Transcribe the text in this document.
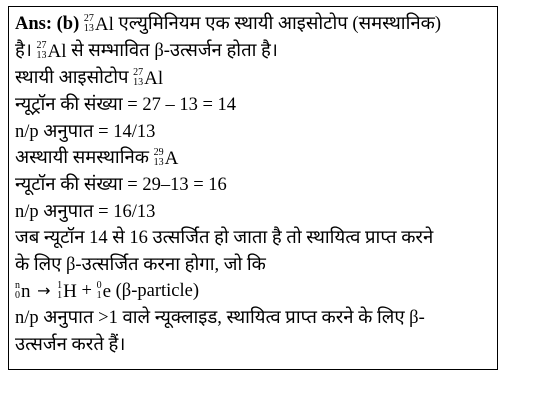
Ans: (b) 27
13 Al एल्युमिनियम एक स्थायी आइसोटोप (समस्थानिक)
है। 27
13 Al से सम्भावित β-उत्सर्जन होता है।
स्थायी आइसोटोप 27
13 Al
न्यूट्रॉन की संख्या = 27 – 13 = 14
n/p अनुपात = 14/13
अस्थायी समस्थानिक 29
13 A
न्यूटॉन की संख्या = 29–13 = 16
n/p अनुपात = 16/13
जब न्यूटॉन 14 से 16 उत्सर्जित हो जाता है तो स्थायित्व प्राप्त करने
के लिए β-उत्सर्जित करना होगा, जो कि
n
0 n → 1
1 H + 0
1 e (β-particle)
n/p अनुपात >1 वाले न्यूक्लाइड, स्थायित्व प्राप्त करने के लिए β-
उत्सर्जन करते हैं।
